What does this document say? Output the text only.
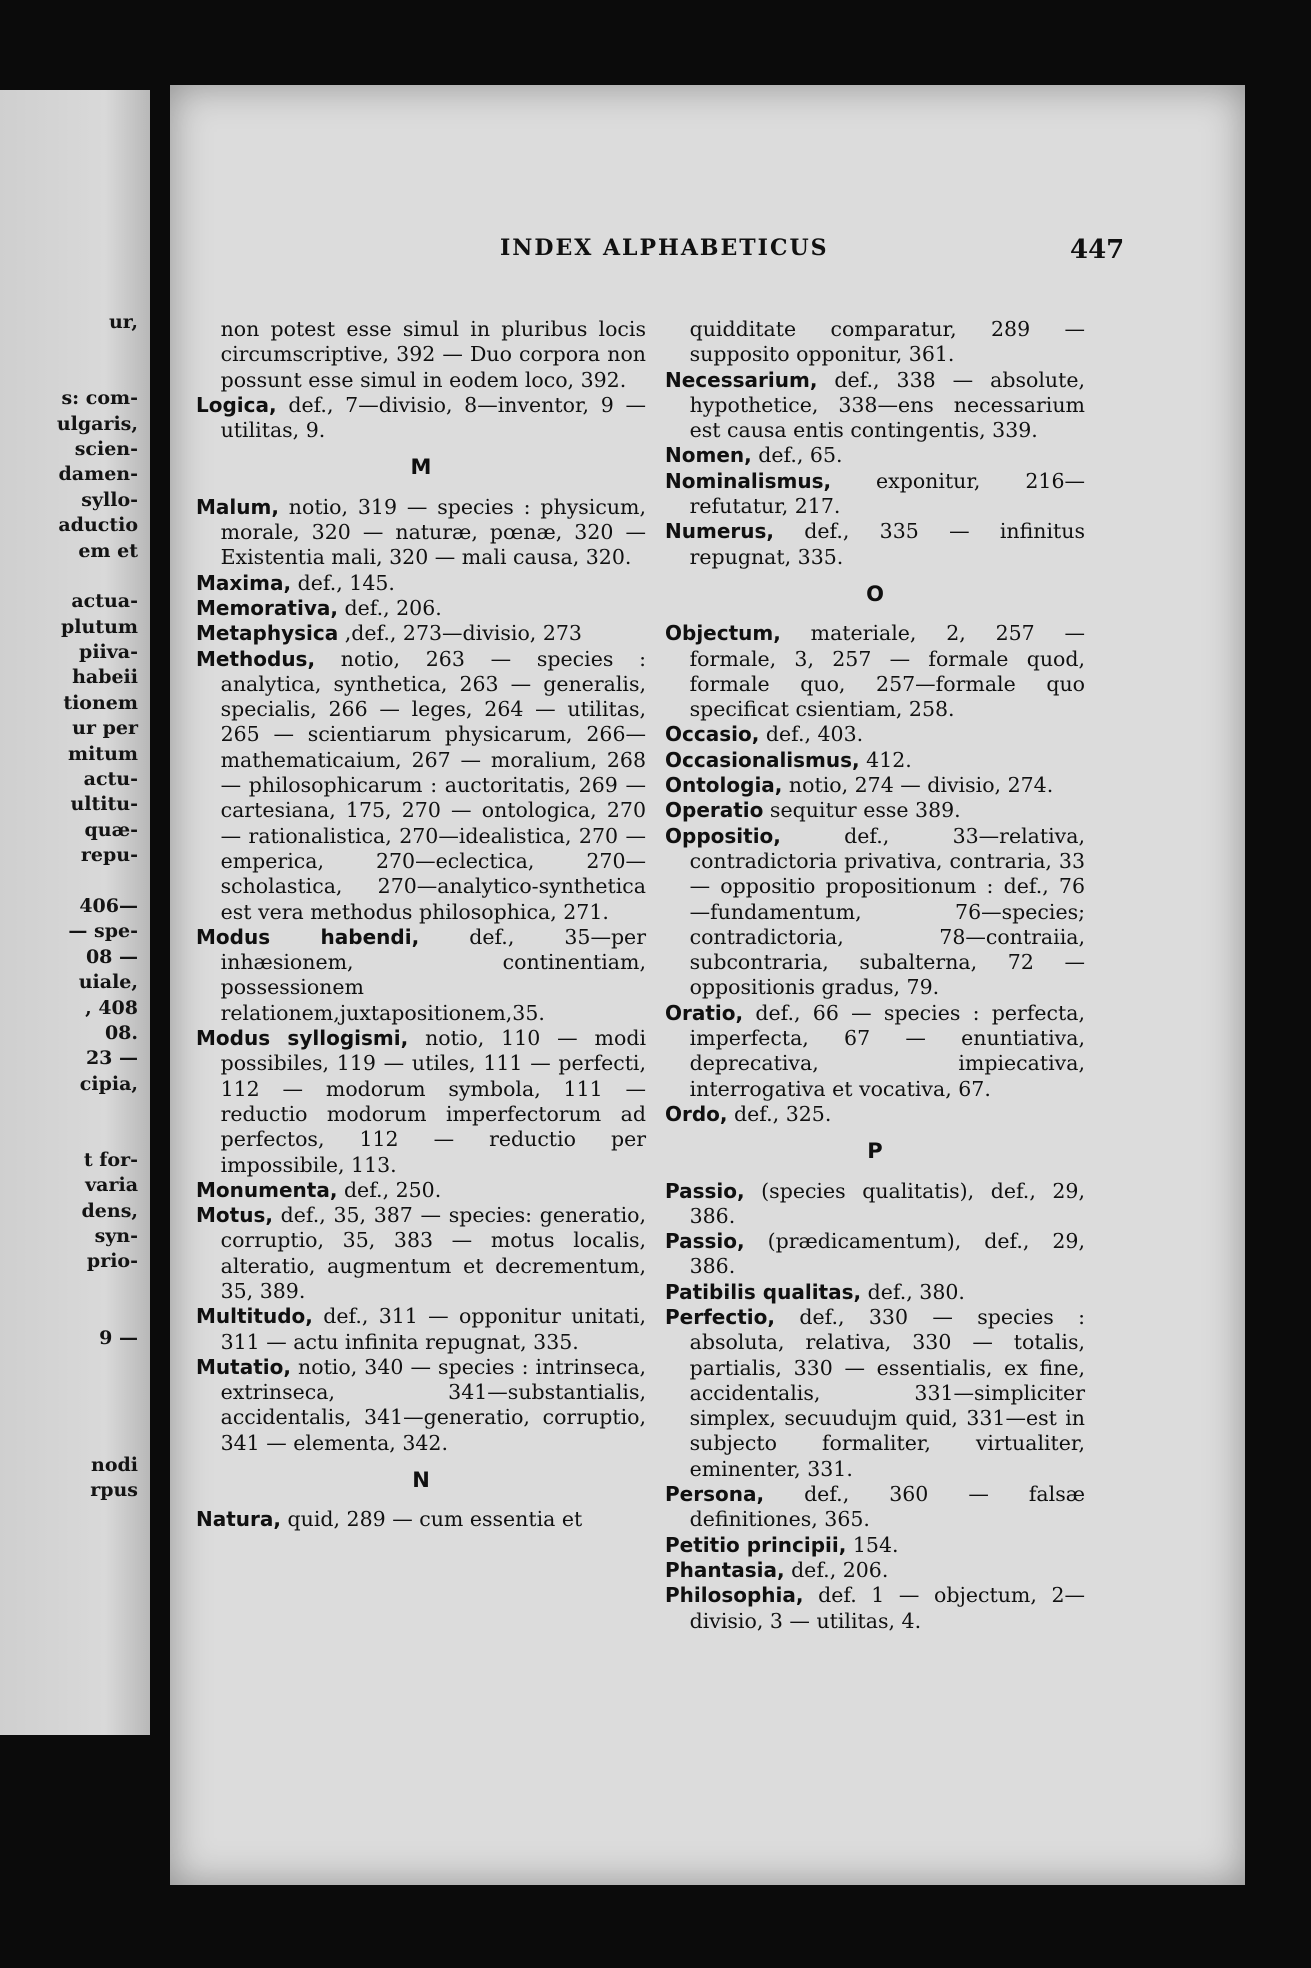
ur,
s: com-
ulgaris,
scien-
damen-
syllo-
aductio
em et
actua-
plutum
piiva-
habeii
tionem
ur per
mitum
actu-
ultitu-
quæ-
repu-
406—
— spe-
08 —
uiale,
, 408
08.
23 —
cipia,
t for-
varia
dens,
syn-
prio-
9 —
nodi
rpus
INDEX ALPHABETICUS	447

non potest esse simul in pluribus locis circumscriptive, 392 — Duo corpora non possunt esse simul in eodem loco, 392.

Logica, def., 7—divisio, 8—inventor, 9 — utilitas, 9.

M

Malum, notio, 319 — species : physicum, morale, 320 — naturæ, pœnæ, 320 — Existentia mali, 320 — mali causa, 320.

Maxima, def., 145.

Memorativa, def., 206.

Metaphysica ,def., 273—divisio, 273

Methodus, notio, 263 — species : analytica, synthetica, 263 — generalis, specialis, 266 — leges, 264 — utilitas, 265 — scientiarum physicarum, 266—mathematicaium, 267 — moralium, 268 — philosophicarum : auctoritatis, 269 — cartesiana, 175, 270 — ontologica, 270 — rationalistica, 270—idealistica, 270 —emperica, 270—eclectica, 270— scholastica, 270—analytico-synthetica est vera methodus philosophica, 271.

Modus habendi, def., 35—per inhæsionem, continentiam, possessionem relationem,juxtapositionem,35.

Modus syllogismi, notio, 110 — modi possibiles, 119 — utiles, 111 — perfecti, 112 — modorum symbola, 111 — reductio modorum imperfectorum ad perfectos, 112 — reductio per impossibile, 113.

Monumenta, def., 250.

Motus, def., 35, 387 — species: generatio, corruptio, 35, 383 — motus localis, alteratio, augmentum et decrementum, 35, 389.

Multitudo, def., 311 — opponitur unitati, 311 — actu infinita repugnat, 335.

Mutatio, notio, 340 — species : intrinseca, extrinseca, 341—substantialis, accidentalis, 341—generatio, corruptio, 341 — elementa, 342.

N

Natura, quid, 289 — cum essentia et

quidditate comparatur, 289 — supposito opponitur, 361.

Necessarium, def., 338 — absolute, hypothetice, 338—ens necessarium est causa entis contingentis, 339.

Nomen, def., 65.

Nominalismus, exponitur, 216—refutatur, 217.

Numerus, def., 335 — infinitus repugnat, 335.

O

Objectum, materiale, 2, 257 — formale, 3, 257 — formale quod, formale quo, 257—formale quo specificat csientiam, 258.

Occasio, def., 403.

Occasionalismus, 412.

Ontologia, notio, 274 — divisio, 274.

Operatio sequitur esse 389.

Oppositio, def., 33—relativa, contradictoria privativa, contraria, 33 — oppositio propositionum : def., 76 —fundamentum, 76—species; contradictoria, 78—contraiia, subcontraria, subalterna, 72 — oppositionis gradus, 79.

Oratio, def., 66 — species : perfecta, imperfecta, 67 — enuntiativa, deprecativa, impiecativa, interrogativa et vocativa, 67.

Ordo, def., 325.

P

Passio, (species qualitatis), def., 29, 386.

Passio, (prædicamentum), def., 29, 386.

Patibilis qualitas, def., 380.

Perfectio, def., 330 — species : absoluta, relativa, 330 — totalis, partialis, 330 — essentialis, ex fine, accidentalis, 331—simpliciter simplex, secuudujm quid, 331—est in subjecto formaliter, virtualiter, eminenter, 331.

Persona, def., 360 — falsæ definitiones, 365.

Petitio principii, 154.

Phantasia, def., 206.

Philosophia, def. 1 — objectum, 2— divisio, 3 — utilitas, 4.
